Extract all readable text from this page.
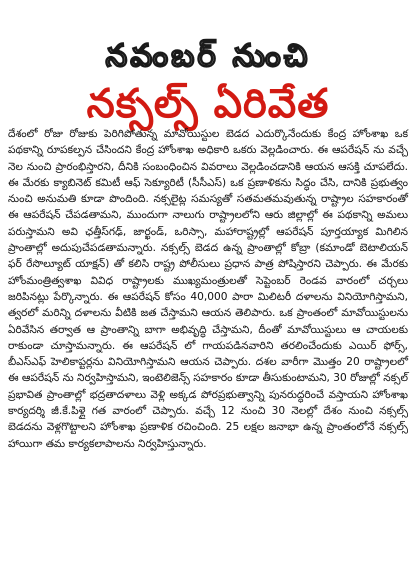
నవంబర్ నుంచి
నక్సల్స్ ఏరివేత

దేశంలో రోజు రోజుకు పెరిగిపోతున్న మావోయిస్టుల బెడద ఎదుర్కొనేందుకు కేంద్ర హోంశాఖ ఒక పథకాన్ని రూపకల్పన చేసిందని కేంద్ర హోంశాఖ అధికారి ఒకరు వెల్లడించారు. ఈ ఆపరేషన్ ను వచ్చే నెల నుంచి ప్రారంభిస్తారని, దీనికి సంబంధించిన వివరాలు వెల్లడించడానికి ఆయన ఆసక్తి చూపలేదు. ఈ మేరకు క్యాబినెట్ కమిటీ ఆఫ్ సెక్యూరిటీ (సీసీఎస్) ఒక ప్రణాళికను సిద్ధం చేసి, దానికి ప్రభుత్వం నుంచి అనుమతి కూడా పొందింది. నక్సలైట్ల సమస్యతో సతమతమవుతున్న రాష్ట్రాల సహకారంతో ఈ ఆపరేషన్ చేపడతామని, ముందుగా నాలుగు రాష్ట్రాలలోని ఆరు జిల్లాల్లో ఈ పథకాన్ని అమలు పరుస్తామని అవి ఛత్తీస్‌గఢ్, జార్ఖండ్, ఒరిస్సా, మహారాష్ట్రల్లో ఆపరేషన్ పూర్తయ్యాక మిగిలిన ప్రాంతాల్లో అదుపుచేపడతామన్నారు. నక్సల్స్ బెడద ఉన్న ప్రాంతాల్లో కోబ్రా (కమాండో బెటాలియన్ ఫర్ రేసొల్యూట్ యాక్షన్) తో కలిసి రాష్ట్ర పోలీసులు ప్రధాన పాత్ర పోషిస్తారని చెప్పారు. ఈ మేరకు హోంమంత్రిత్వశాఖ వివిధ రాష్ట్రాలకు ముఖ్యమంత్రులతో సెప్టెంబర్ రెండవ వారంలో చర్చలు జరిపినట్లు పేర్కొన్నారు. ఈ ఆపరేషన్ కోసం 40,000 పారా మిలిటరీ దళాలను వినియోగిస్తామని, త్వరలో మరిన్ని దళాలను వీటికి జత చేస్తామని ఆయన తెలిపారు. ఒక ప్రాంతంలో మావోయిస్టులను ఏరివేసిన తర్వాత ఆ ప్రాంతాన్ని బాగా అభివృద్ధి చేస్తామని, దీంతో మావోయిస్టులు ఆ చాయలకు రాకుండా చూస్తామన్నారు. ఈ ఆపరేషన్ లో గాయపడినవారిని తరలించేందుకు ఎయిర్ ఫోర్స్, బీఎస్ఎఫ్ హెలికాప్టర్లను వినియోగిస్తామని ఆయన చెప్పారు. దశల వారీగా మొత్తం 20 రాష్ట్రాలలో ఈ ఆపరేషన్ ను నిర్వహిస్తామని, ఇంటెలిజెన్స్ సహకారం కూడా తీసుకుంటామని, 30 రోజుల్లో నక్సల్ ప్రభావిత ప్రాంతాల్లో భద్రతాదళాలు వెళ్లి అక్కడ పోరప్రభుత్వాన్ని పునరుద్ధరించే వస్తాయని హోంశాఖ కార్యదర్శి జీ.కే.పిళ్లై గత వారంలో చెప్పారు. వచ్చే 12 నుంచి 30 నెలల్లో దేశం నుంచి నక్సల్స్ బెడదను వెళ్లగొట్టాలని హోంశాఖ ప్రణాళిక రచించింది. 25 లక్షల జనాభా ఉన్న ప్రాంతంలోనే నక్సల్స్ హాయిగా తమ కార్యకలాపాలను నిర్వహిస్తున్నారు.
